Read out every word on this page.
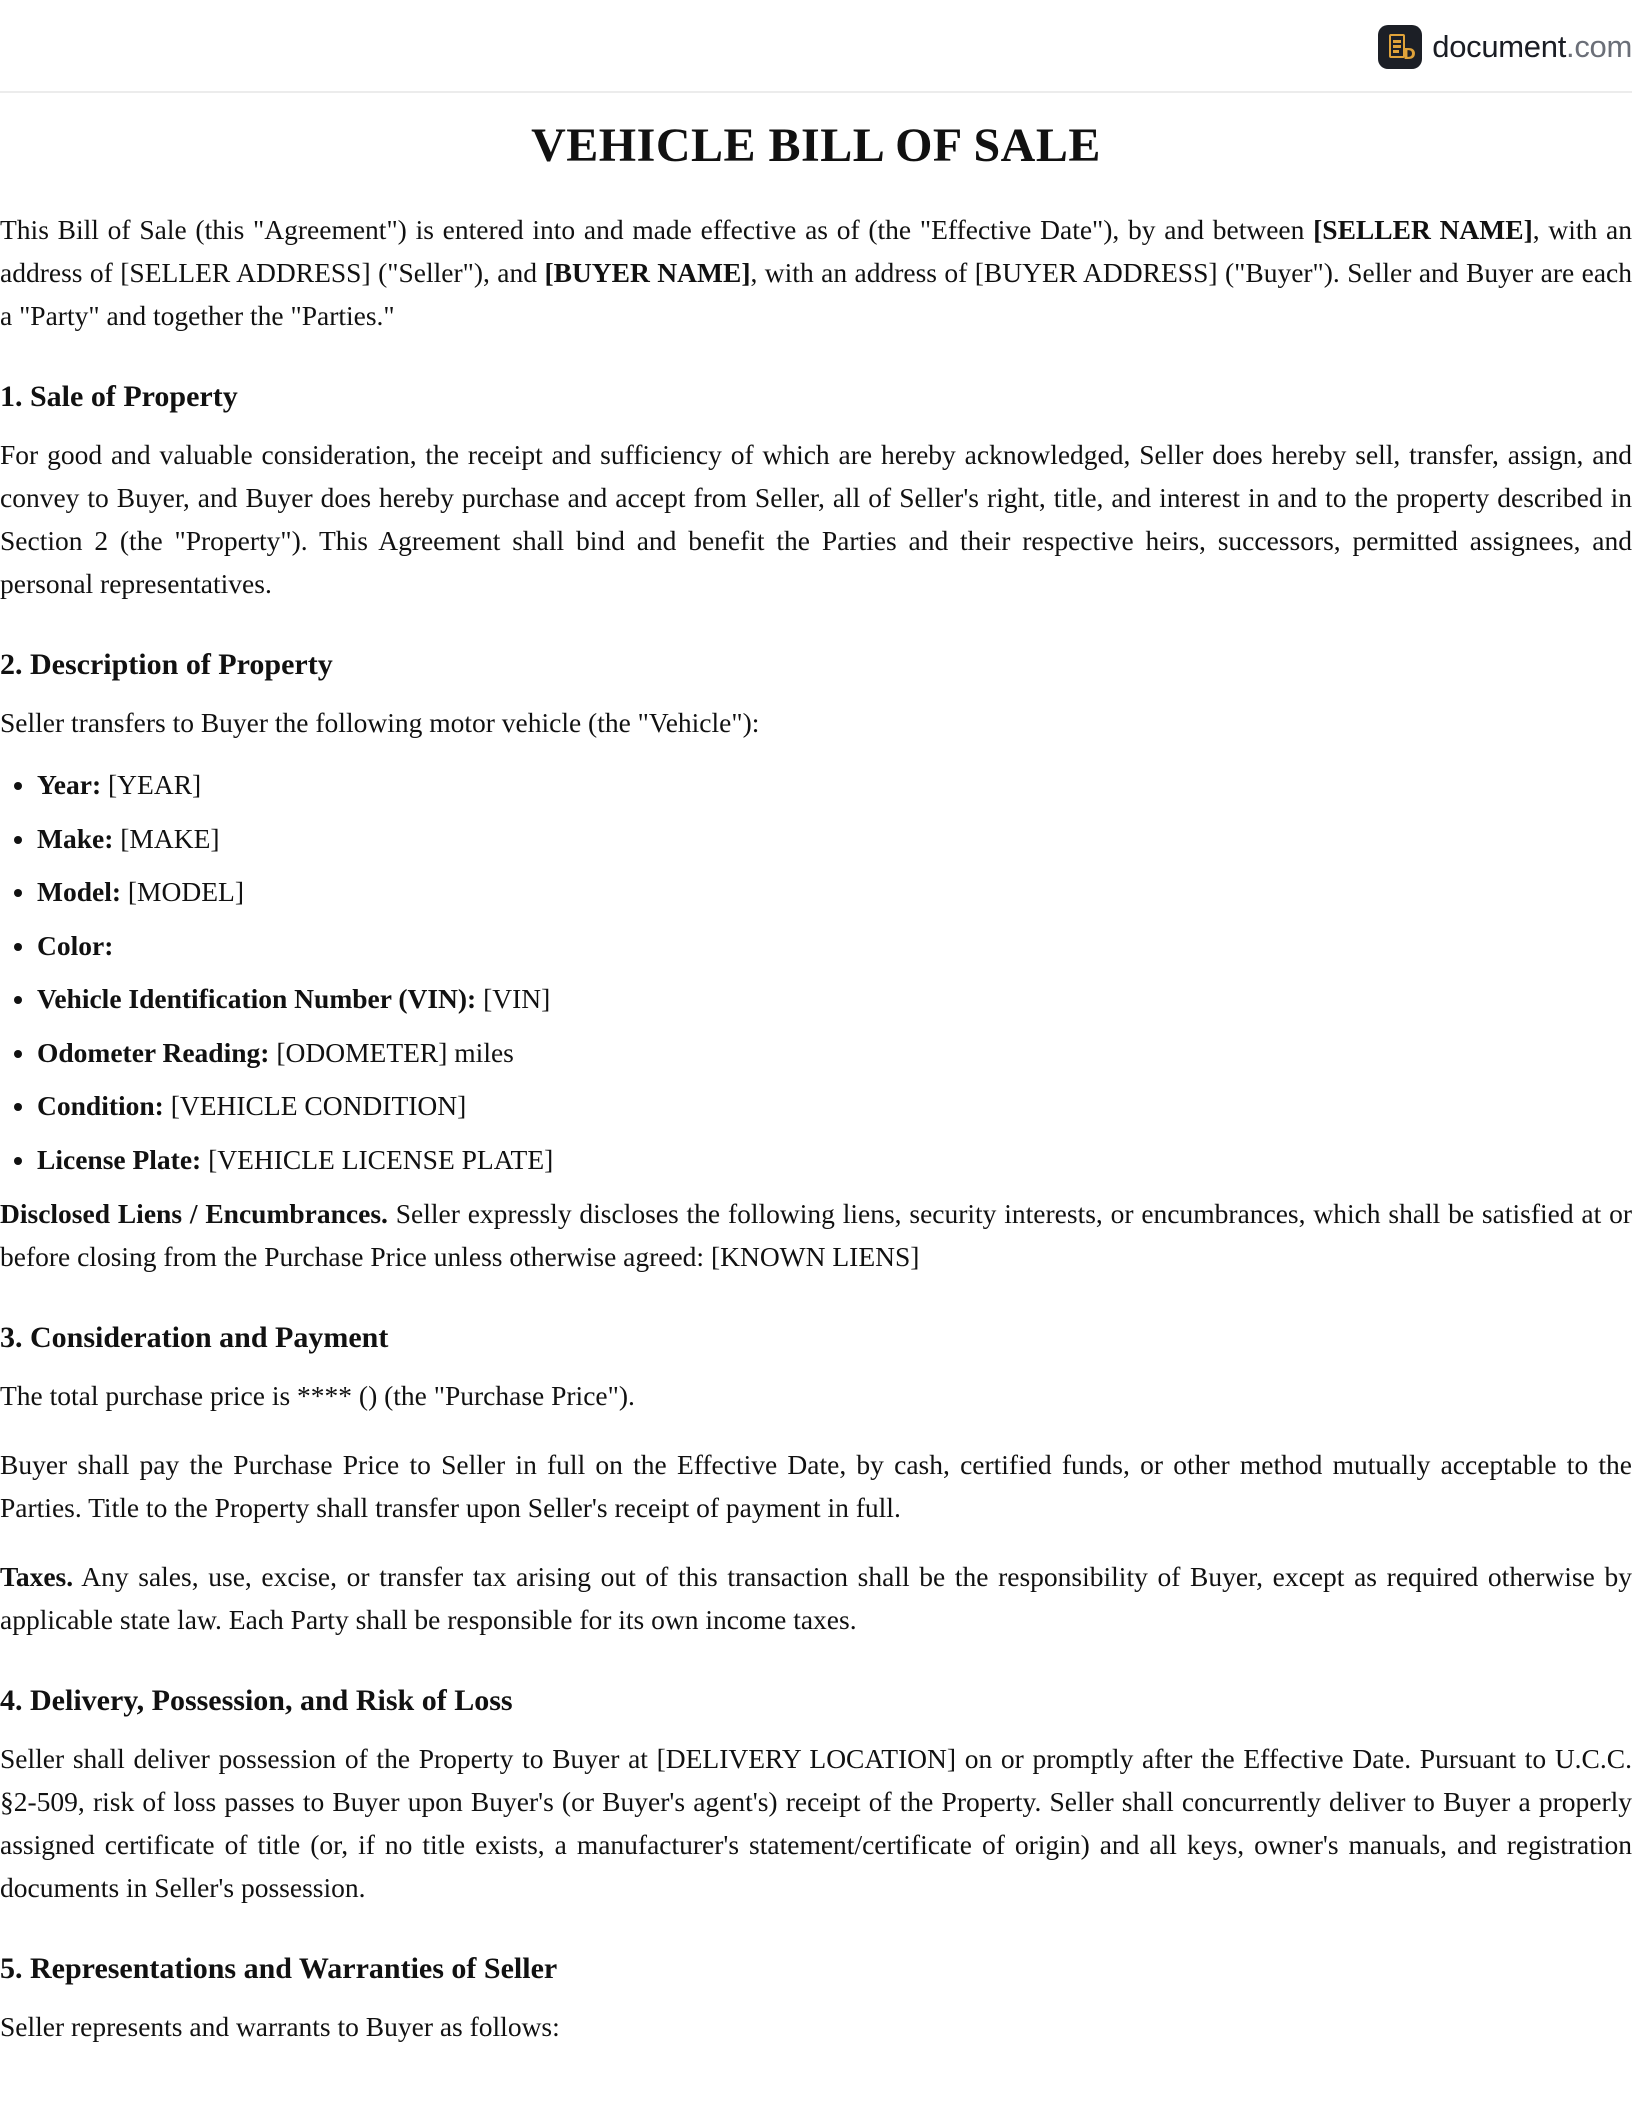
D document.com
VEHICLE BILL OF SALE

This Bill of Sale (this "Agreement") is entered into and made effective as of (the "Effective Date"), by and between [SELLER NAME], with an address of [SELLER ADDRESS] ("Seller"), and [BUYER NAME], with an address of [BUYER ADDRESS] ("Buyer"). Seller and Buyer are each a "Party" and together the "Parties."

1. Sale of Property

For good and valuable consideration, the receipt and sufficiency of which are hereby acknowledged, Seller does hereby sell, transfer, assign, and convey to Buyer, and Buyer does hereby purchase and accept from Seller, all of Seller's right, title, and interest in and to the property described in Section 2 (the "Property"). This Agreement shall bind and benefit the Parties and their respective heirs, successors, permitted assignees, and personal representatives.

2. Description of Property

Seller transfers to Buyer the following motor vehicle (the "Vehicle"):

• Year: [YEAR]
• Make: [MAKE]
• Model: [MODEL]
• Color:
• Vehicle Identification Number (VIN): [VIN]
• Odometer Reading: [ODOMETER] miles
• Condition: [VEHICLE CONDITION]
• License Plate: [VEHICLE LICENSE PLATE]

Disclosed Liens / Encumbrances. Seller expressly discloses the following liens, security interests, or encumbrances, which shall be satisfied at or before closing from the Purchase Price unless otherwise agreed: [KNOWN LIENS]

3. Consideration and Payment

The total purchase price is **** () (the "Purchase Price").

Buyer shall pay the Purchase Price to Seller in full on the Effective Date, by cash, certified funds, or other method mutually acceptable to the Parties. Title to the Property shall transfer upon Seller's receipt of payment in full.

Taxes. Any sales, use, excise, or transfer tax arising out of this transaction shall be the responsibility of Buyer, except as required otherwise by applicable state law. Each Party shall be responsible for its own income taxes.

4. Delivery, Possession, and Risk of Loss

Seller shall deliver possession of the Property to Buyer at [DELIVERY LOCATION] on or promptly after the Effective Date. Pursuant to U.C.C. §2-509, risk of loss passes to Buyer upon Buyer's (or Buyer's agent's) receipt of the Property. Seller shall concurrently deliver to Buyer a properly assigned certificate of title (or, if no title exists, a manufacturer's statement/certificate of origin) and all keys, owner's manuals, and registration documents in Seller's possession.

5. Representations and Warranties of Seller

Seller represents and warrants to Buyer as follows:
